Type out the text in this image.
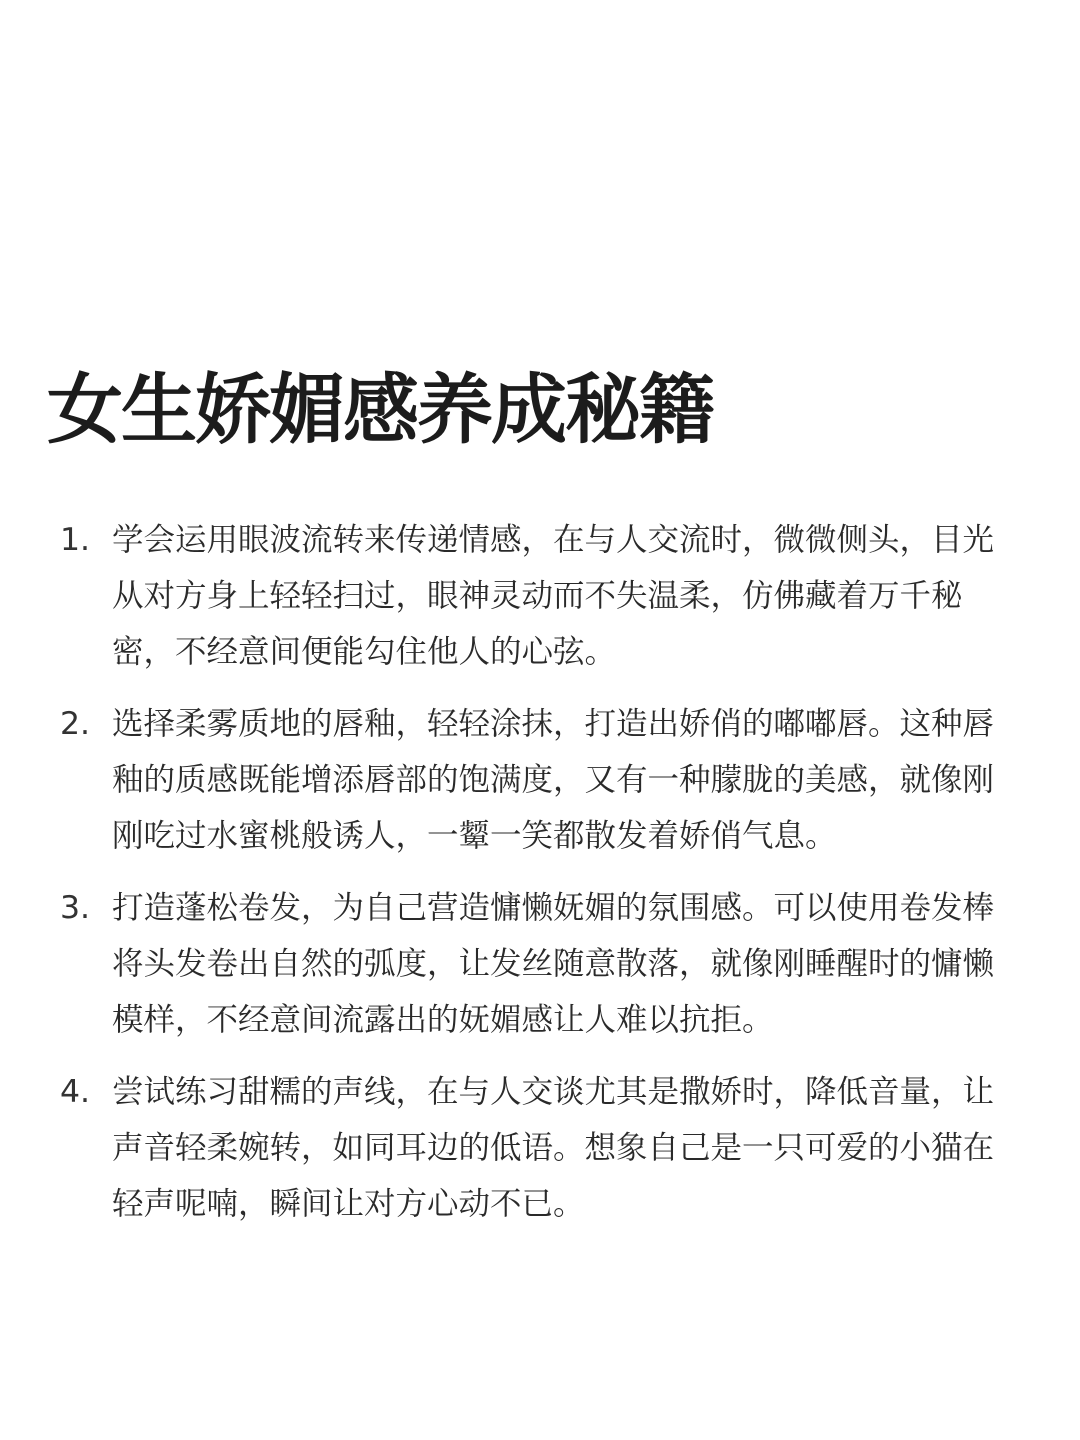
女生娇媚感养成秘籍
1. 学会运用眼波流转来传递情感，在与人交流时，微微侧头，目光从对方身上轻轻扫过，眼神灵动而不失温柔，仿佛藏着万千秘密，不经意间便能勾住他人的心弦。
2. 选择柔雾质地的唇釉，轻轻涂抹，打造出娇俏的嘟嘟唇。这种唇釉的质感既能增添唇部的饱满度，又有一种朦胧的美感，就像刚刚吃过水蜜桃般诱人，一颦一笑都散发着娇俏气息。
3. 打造蓬松卷发，为自己营造慵懒妩媚的氛围感。可以使用卷发棒将头发卷出自然的弧度，让发丝随意散落，就像刚睡醒时的慵懒模样，不经意间流露出的妩媚感让人难以抗拒。
4. 尝试练习甜糯的声线，在与人交谈尤其是撒娇时，降低音量，让声音轻柔婉转，如同耳边的低语。想象自己是一只可爱的小猫在轻声呢喃，瞬间让对方心动不已。
